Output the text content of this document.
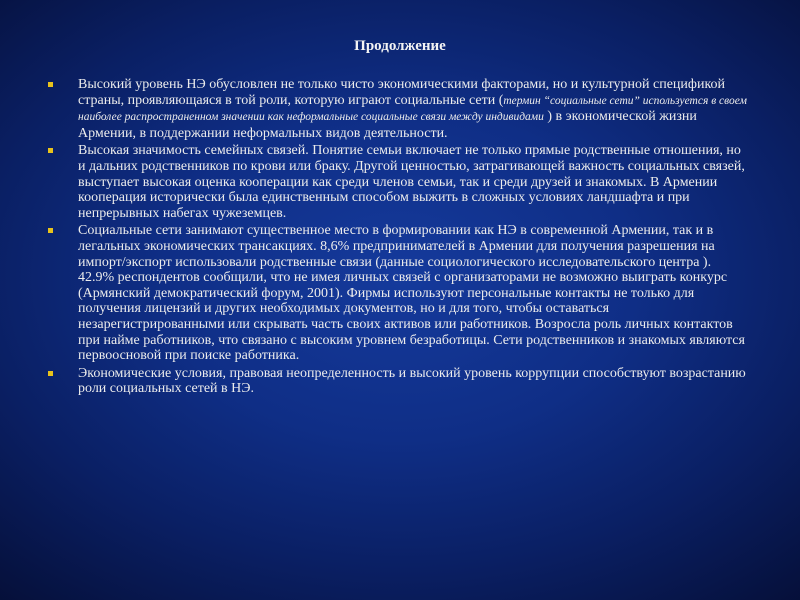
Продолжение
Высокий уровень НЭ обусловлен не только чисто экономическими факторами, но и культурной спецификой страны, проявляющаяся в той роли, которую играют социальные сети (термин “социальные сети” используется в своем наиболее распространенном значении как неформальные социальные связи между индивидами ) в экономической жизни Армении, в поддержании неформальных видов деятельности.
Высокая значимость семейных связей. Понятие семьи включает не только прямые родственные отношения, но и дальних родственников по крови или браку. Другой ценностью, затрагивающей важность социальных связей, выступает высокая оценка кооперации как среди членов семьи, так и среди друзей и знакомых. В Армении кооперация исторически была единственным способом выжить в сложных условиях ландшафта и при непрерывных набегах чужеземцев.
Социальные сети занимают существенное место в формировании как НЭ в современной Армении, так и в легальных экономических трансакциях. 8,6% предпринимателей в Армении для получения разрешения на импорт/экспорт использовали родственные связи (данные социологического исследовательского центра ). 42.9% респондентов сообщили, что не имея личных связей с организаторами не возможно выиграть конкурс (Армянский демократический форум, 2001). Фирмы используют персональные контакты не только для получения лицензий и других необходимых документов, но и для того, чтобы оставаться незарегистрированными или скрывать часть своих активов или работников. Возросла роль личных контактов при найме работников, что связано с высоким уровнем безработицы. Сети родственников и знакомых являются первоосновой при поиске работника.
Экономические условия, правовая неопределенность и высокий уровень коррупции способствуют возрастанию роли социальных сетей в НЭ.
